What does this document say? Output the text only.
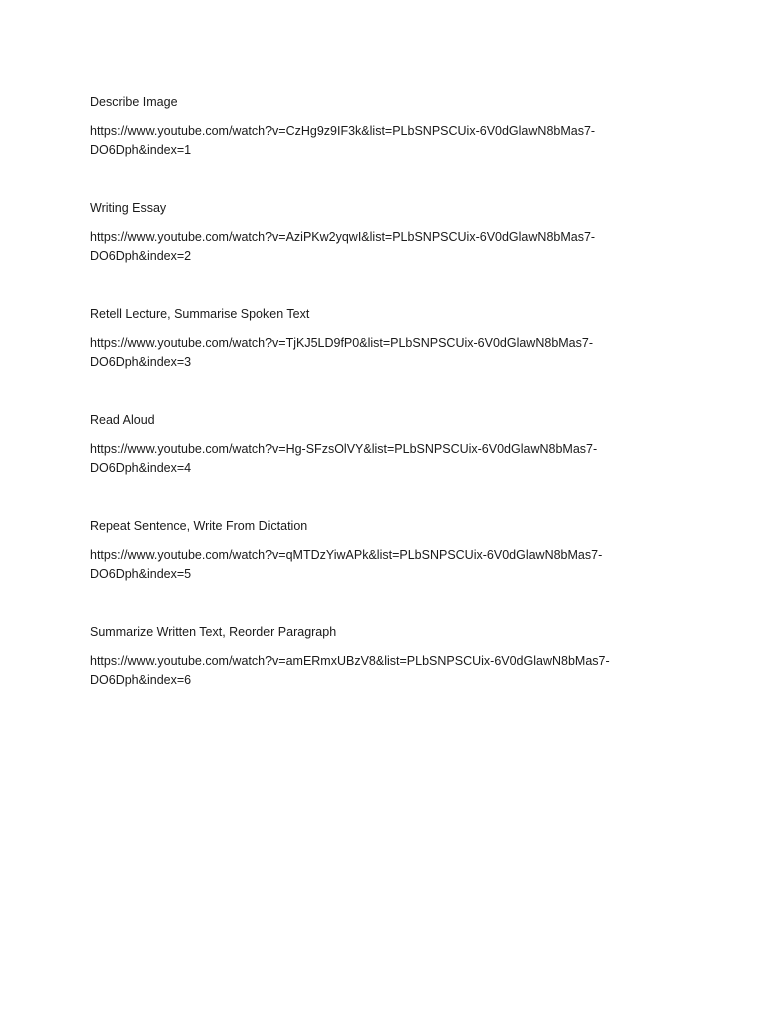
Describe Image

https://www.youtube.com/watch?v=CzHg9z9IF3k&list=PLbSNPSCUix-6V0dGlawN8bMas7-

DO6Dph&index=1

Writing Essay

https://www.youtube.com/watch?v=AziPKw2yqwI&list=PLbSNPSCUix-6V0dGlawN8bMas7-

DO6Dph&index=2

Retell Lecture, Summarise Spoken Text

https://www.youtube.com/watch?v=TjKJ5LD9fP0&list=PLbSNPSCUix-6V0dGlawN8bMas7-

DO6Dph&index=3

Read Aloud

https://www.youtube.com/watch?v=Hg-SFzsOlVY&list=PLbSNPSCUix-6V0dGlawN8bMas7-

DO6Dph&index=4

Repeat Sentence, Write From Dictation

https://www.youtube.com/watch?v=qMTDzYiwAPk&list=PLbSNPSCUix-6V0dGlawN8bMas7-

DO6Dph&index=5

Summarize Written Text, Reorder Paragraph

https://www.youtube.com/watch?v=amERmxUBzV8&list=PLbSNPSCUix-6V0dGlawN8bMas7-

DO6Dph&index=6
